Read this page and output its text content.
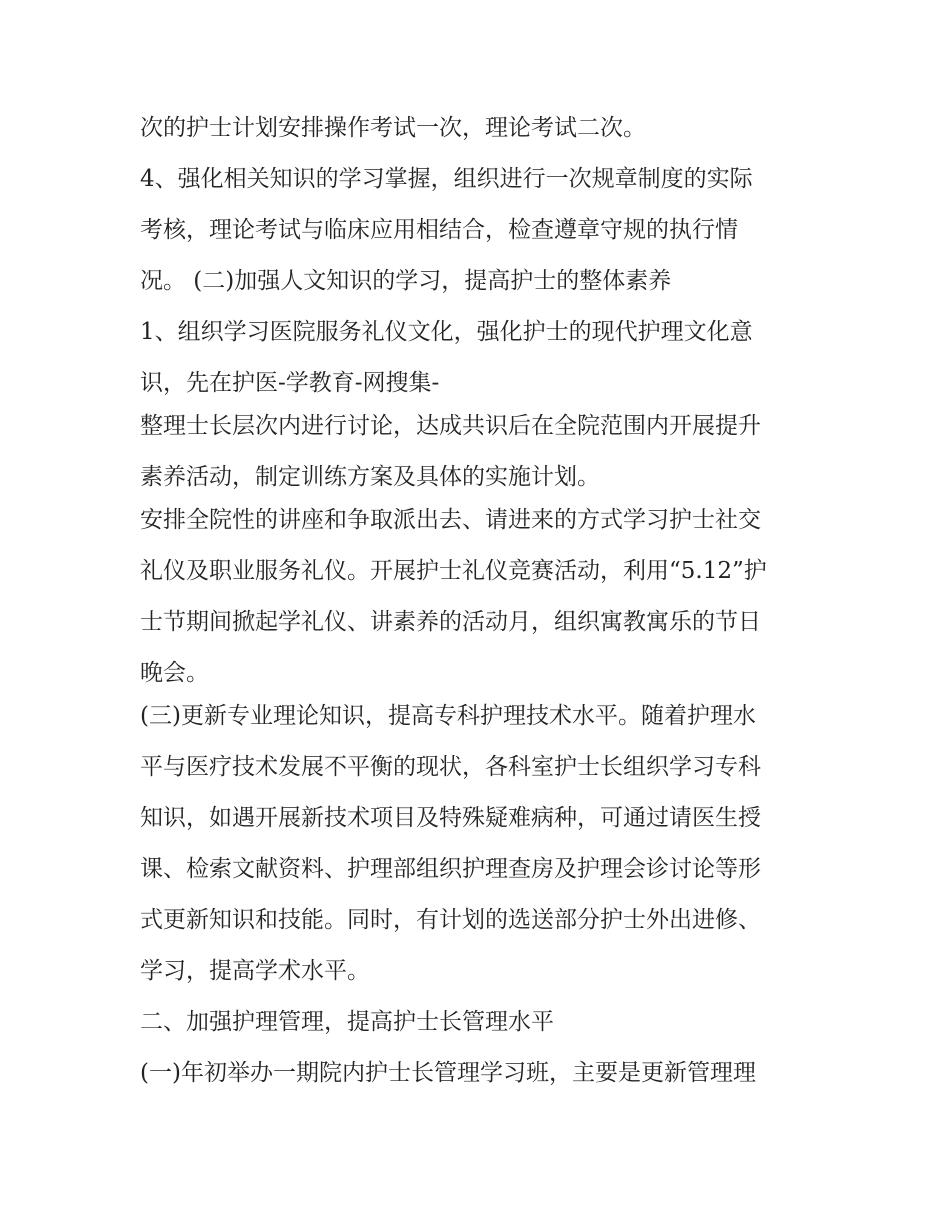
次的护士计划安排操作考试一次，理论考试二次。
4、强化相关知识的学习掌握，组织进行一次规章制度的实际
考核，理论考试与临床应用相结合，检查遵章守规的执行情
况。 (二)加强人文知识的学习，提高护士的整体素养
1、组织学习医院服务礼仪文化，强化护士的现代护理文化意
识，先在护医-学教育-网搜集-
整理士长层次内进行讨论，达成共识后在全院范围内开展提升
素养活动，制定训练方案及具体的实施计划。
安排全院性的讲座和争取派出去、请进来的方式学习护士社交
礼仪及职业服务礼仪。开展护士礼仪竞赛活动，利用“5.12”护
士节期间掀起学礼仪、讲素养的活动月，组织寓教寓乐的节日
晚会。
(三)更新专业理论知识，提高专科护理技术水平。随着护理水
平与医疗技术发展不平衡的现状，各科室护士长组织学习专科
知识，如遇开展新技术项目及特殊疑难病种，可通过请医生授
课、检索文献资料、护理部组织护理查房及护理会诊讨论等形
式更新知识和技能。同时，有计划的选送部分护士外出进修、
学习，提高学术水平。
二、加强护理管理，提高护士长管理水平
(一)年初举办一期院内护士长管理学习班，主要是更新管理理
